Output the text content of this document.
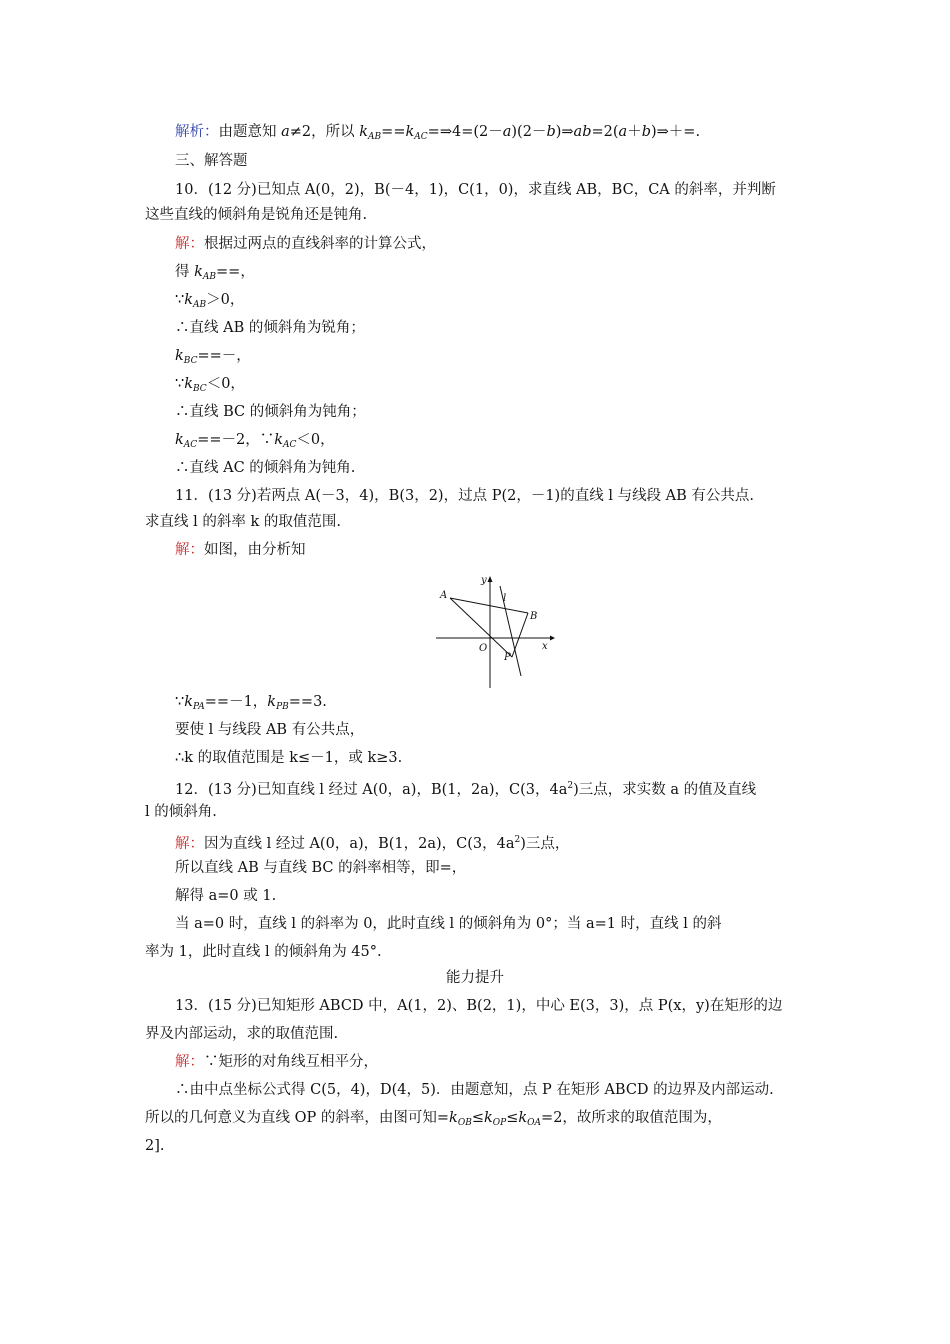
解析：由题意知 a≠2，所以 $k_{AB}==k_{AC}=\Rightarrow 4=(2-a)(2-b)\Rightarrow ab=2(a+b)\Rightarrow+=$.
三、解答题
10．(12 分)已知点 A(0，2)，B(－4，1)，C(1，0)，求直线 AB，BC，CA 的斜率，并判断
这些直线的倾斜角是锐角还是钝角.
解：根据过两点的直线斜率的计算公式，
得 $k_{AB}==$，
$\because k_{AB}>0$，
∴直线 AB 的倾斜角为锐角；
$k_{BC}==-$，
$\because k_{BC}<0$，
∴直线 BC 的倾斜角为钝角；
$k_{AC}==-2$，$\because k_{AC}<0$，
∴直线 AC 的倾斜角为钝角.
11．(13 分)若两点 A(－3，4)，B(3，2)，过点 P(2，－1)的直线 l 与线段 AB 有公共点.
求直线 l 的斜率 k 的取值范围.
解：如图，由分析知
A
B
O
P
x
y
l
$\because k_{PA}==-1$，$k_{PB}==3$.
要使 l 与线段 AB 有公共点，
∴k 的取值范围是 k≤－1，或 k≥3.
12．(13 分)已知直线 l 经过 A(0，a)，B(1，2a)，C(3，$4a^2$)三点，求实数 a 的值及直线
l 的倾斜角.
解：因为直线 l 经过 A(0，a)，B(1，2a)，C(3，$4a^2$)三点，
所以直线 AB 与直线 BC 的斜率相等，即=，
解得 a=0 或 1.
当 a=0 时，直线 l 的斜率为 0，此时直线 l 的倾斜角为 0°；当 a=1 时，直线 l 的斜
率为 1，此时直线 l 的倾斜角为 45°.
能力提升
13．(15 分)已知矩形 ABCD 中，A(1，2)、B(2，1)，中心 E(3，3)，点 P(x，y)在矩形的边
界及内部运动，求的取值范围.
解：∵矩形的对角线互相平分，
∴由中点坐标公式得 C(5，4)，D(4，5)．由题意知，点 P 在矩形 ABCD 的边界及内部运动.
所以的几何意义为直线 OP 的斜率，由图可知$=k_{OB}\le k_{OP}\le k_{OA}=2$，故所求的取值范围为，
2].
